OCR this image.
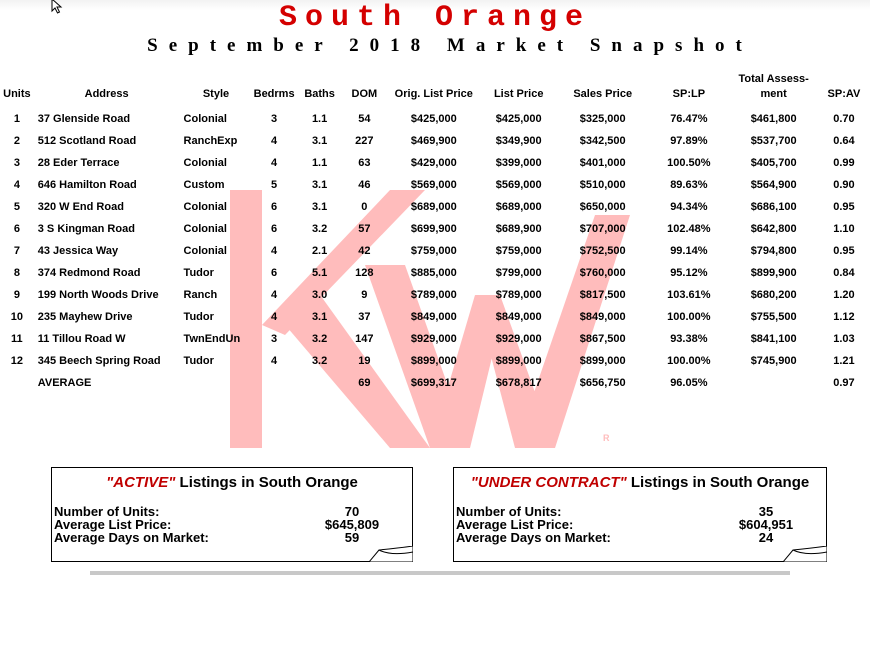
South Orange
September 2018 Market Snapshot
R
Units	Address	Style	Bedrms	Baths	DOM	Orig. List Price	List Price	Sales Price	SP:LP	Total Assess-
ment	SP:AV
1	37 Glenside Road	Colonial	3	1.1	54	$425,000	$425,000	$325,000	76.47%	$461,800	0.70
2	512 Scotland Road	RanchExp	4	3.1	227	$469,900	$349,900	$342,500	97.89%	$537,700	0.64
3	28 Eder Terrace	Colonial	4	1.1	63	$429,000	$399,000	$401,000	100.50%	$405,700	0.99
4	646 Hamilton Road	Custom	5	3.1	46	$569,000	$569,000	$510,000	89.63%	$564,900	0.90
5	320 W End Road	Colonial	6	3.1	0	$689,000	$689,000	$650,000	94.34%	$686,100	0.95
6	3 S Kingman Road	Colonial	6	3.2	57	$699,900	$689,900	$707,000	102.48%	$642,800	1.10
7	43 Jessica Way	Colonial	4	2.1	42	$759,000	$759,000	$752,500	99.14%	$794,800	0.95
8	374 Redmond Road	Tudor	6	5.1	128	$885,000	$799,000	$760,000	95.12%	$899,900	0.84
9	199 North Woods Drive	Ranch	4	3.0	9	$789,000	$789,000	$817,500	103.61%	$680,200	1.20
10	235 Mayhew Drive	Tudor	4	3.1	37	$849,000	$849,000	$849,000	100.00%	$755,500	1.12
11	11 Tillou Road W	TwnEndUn	3	3.2	147	$929,000	$929,000	$867,500	93.38%	$841,100	1.03
12	345 Beech Spring Road	Tudor	4	3.2	19	$899,000	$899,000	$899,000	100.00%	$745,900	1.21
	AVERAGE				69	$699,317	$678,817	$656,750	96.05%		0.97
"ACTIVE" Listings in South Orange
Number of Units:	70
Average List Price:	$645,809
Average Days on Market:	59
"UNDER CONTRACT" Listings in South Orange
Number of Units:	35
Average List Price:	$604,951
Average Days on Market:	24
